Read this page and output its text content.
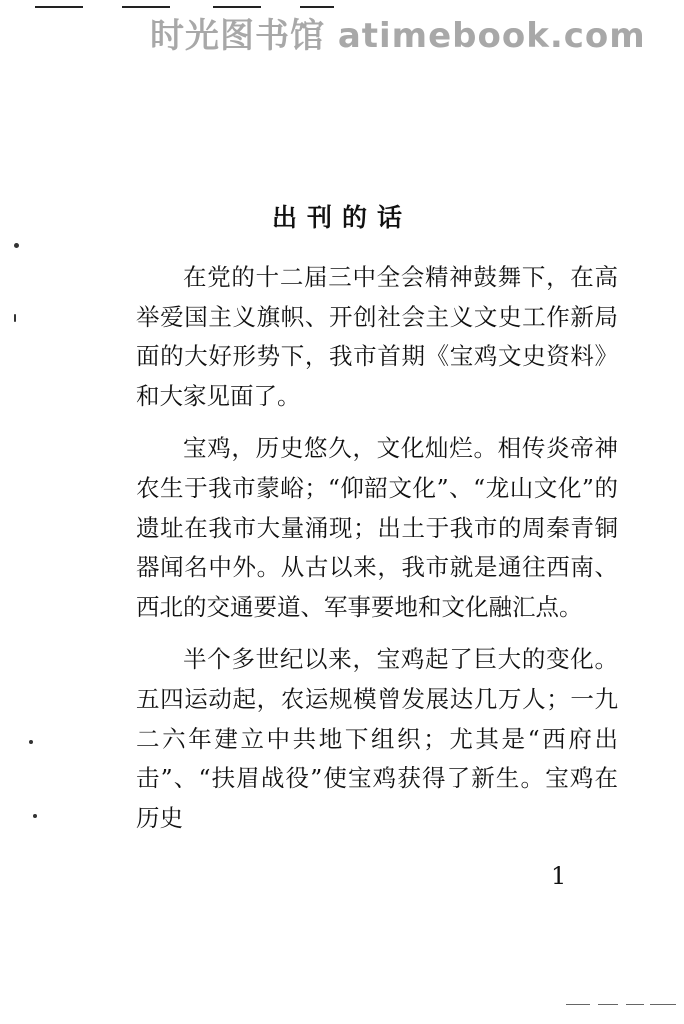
时光图书馆 atimebook.com
出刊的话

在党的十二届三中全会精神鼓舞下，在高举爱国主义旗帜、开创社会主义文史工作新局面的大好形势下，我市首期《宝鸡文史资料》和大家见面了。

宝鸡，历史悠久，文化灿烂。相传炎帝神农生于我市蒙峪；“仰韶文化”、“龙山文化”的遗址在我市大量涌现；出土于我市的周秦青铜器闻名中外。从古以来，我市就是通往西南、西北的交通要道、军事要地和文化融汇点。

半个多世纪以来，宝鸡起了巨大的变化。五四运动起，农运规模曾发展达几万人；一九二六年建立中共地下组织；尤其是“西府出击”、“扶眉战役”使宝鸡获得了新生。宝鸡在历史

1
